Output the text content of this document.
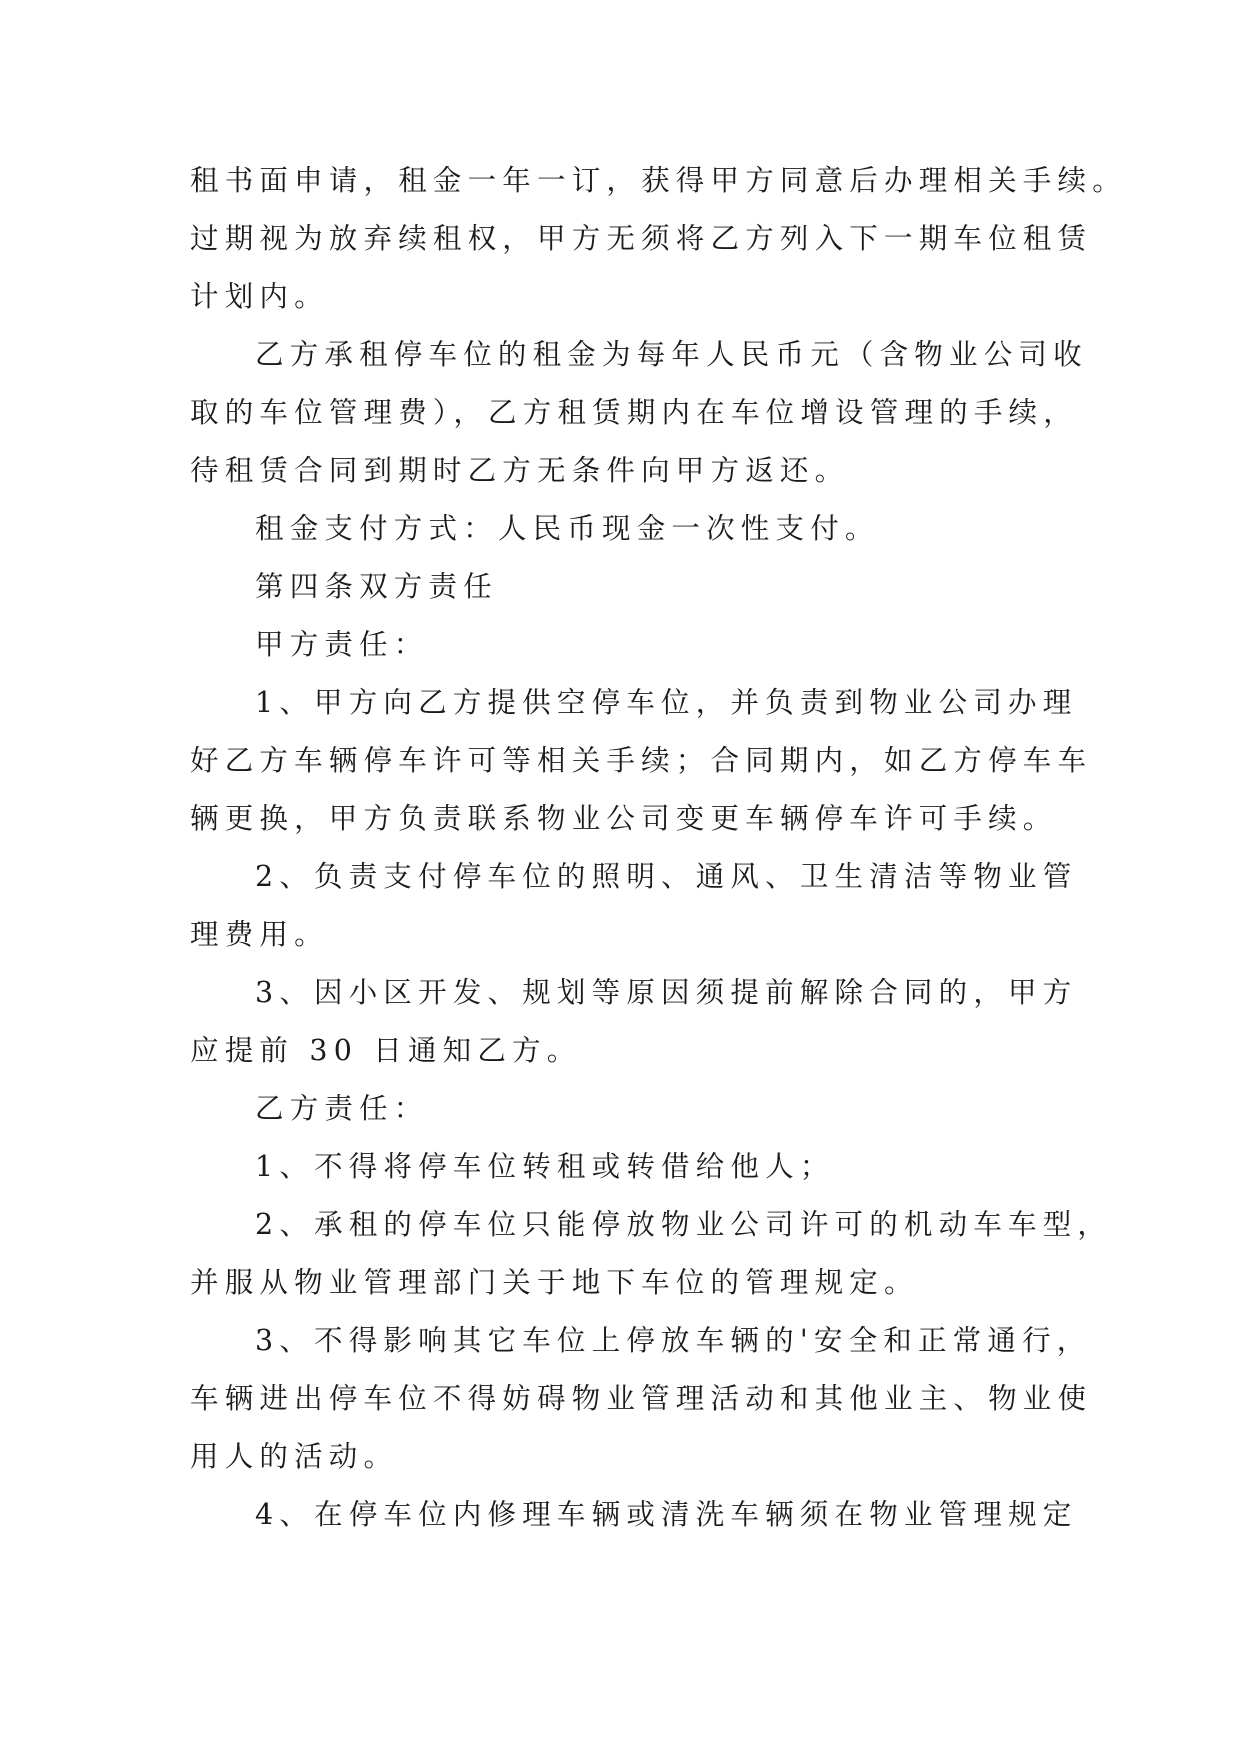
租书面申请，租金一年一订，获得甲方同意后办理相关手续。
过期视为放弃续租权，甲方无须将乙方列入下一期车位租赁
计划内。
乙方承租停车位的租金为每年人民币元（含物业公司收
取的车位管理费），乙方租赁期内在车位增设管理的手续，
待租赁合同到期时乙方无条件向甲方返还。
租金支付方式：人民币现金一次性支付。
第四条双方责任
甲方责任：
1、甲方向乙方提供空停车位，并负责到物业公司办理
好乙方车辆停车许可等相关手续；合同期内，如乙方停车车
辆更换，甲方负责联系物业公司变更车辆停车许可手续。
2、负责支付停车位的照明、通风、卫生清洁等物业管
理费用。
3、因小区开发、规划等原因须提前解除合同的，甲方
应提前 30 日通知乙方。
乙方责任：
1、不得将停车位转租或转借给他人；
2、承租的停车位只能停放物业公司许可的机动车车型，
并服从物业管理部门关于地下车位的管理规定。
3、不得影响其它车位上停放车辆的'安全和正常通行，
车辆进出停车位不得妨碍物业管理活动和其他业主、物业使
用人的活动。
4、在停车位内修理车辆或清洗车辆须在物业管理规定
